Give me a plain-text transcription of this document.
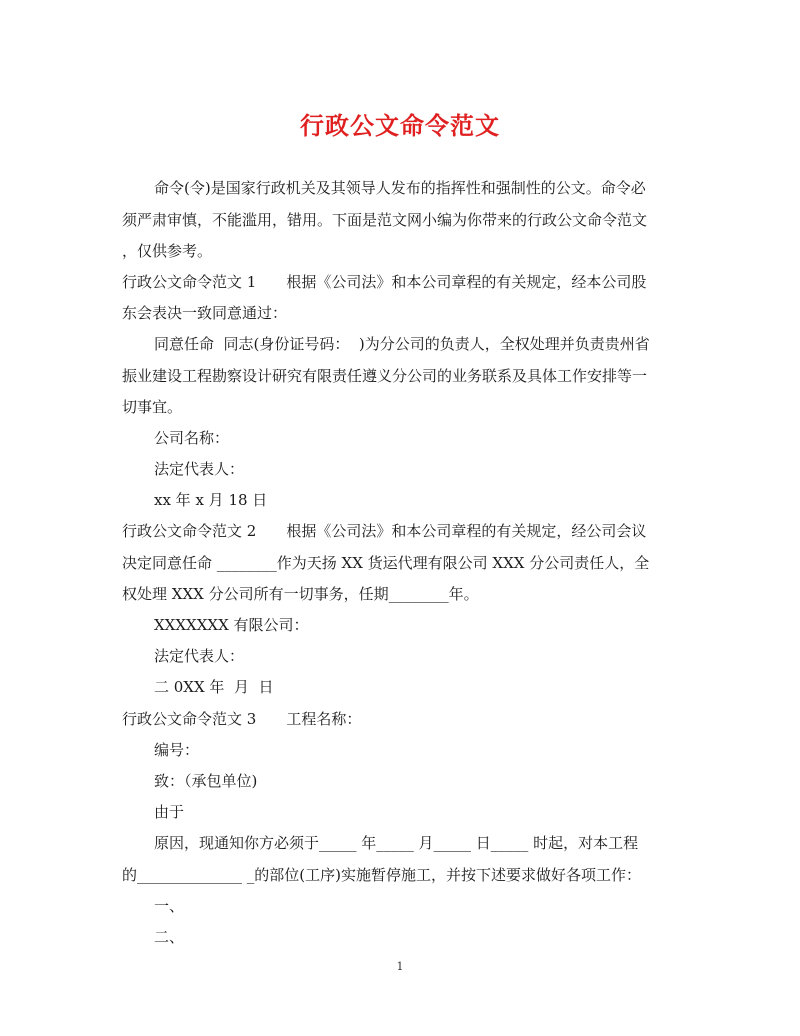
行政公文命令范文
命令(令)是国家行政机关及其领导人发布的指挥性和强制性的公文。命令必
须严肃审慎，不能滥用，错用。下面是范文网小编为你带来的行政公文命令范文
，仅供参考。
行政公文命令范文 1　　根据《公司法》和本公司章程的有关规定，经本公司股
东会表决一致同意通过：
同意任命  同志(身份证号码：  )为分公司的负责人，全权处理并负责贵州省
振业建设工程勘察设计研究有限责任遵义分公司的业务联系及具体工作安排等一
切事宜。
公司名称：
法定代表人：
xx 年 x 月 18 日
行政公文命令范文 2　　根据《公司法》和本公司章程的有关规定，经公司会议
决定同意任命 ________作为天扬 XX 货运代理有限公司 XXX 分公司责任人，全
权处理 XXX 分公司所有一切事务，任期________年。
XXXXXXX 有限公司：
法定代表人：
二 0XX 年  月  日
行政公文命令范文 3　　工程名称：
编号：
致：（承包单位)
由于
原因，现通知你方必须于_____ 年_____ 月_____ 日_____ 时起，对本工程
的______________ _的部位(工序)实施暂停施工，并按下述要求做好各项工作：
一、
二、
1
